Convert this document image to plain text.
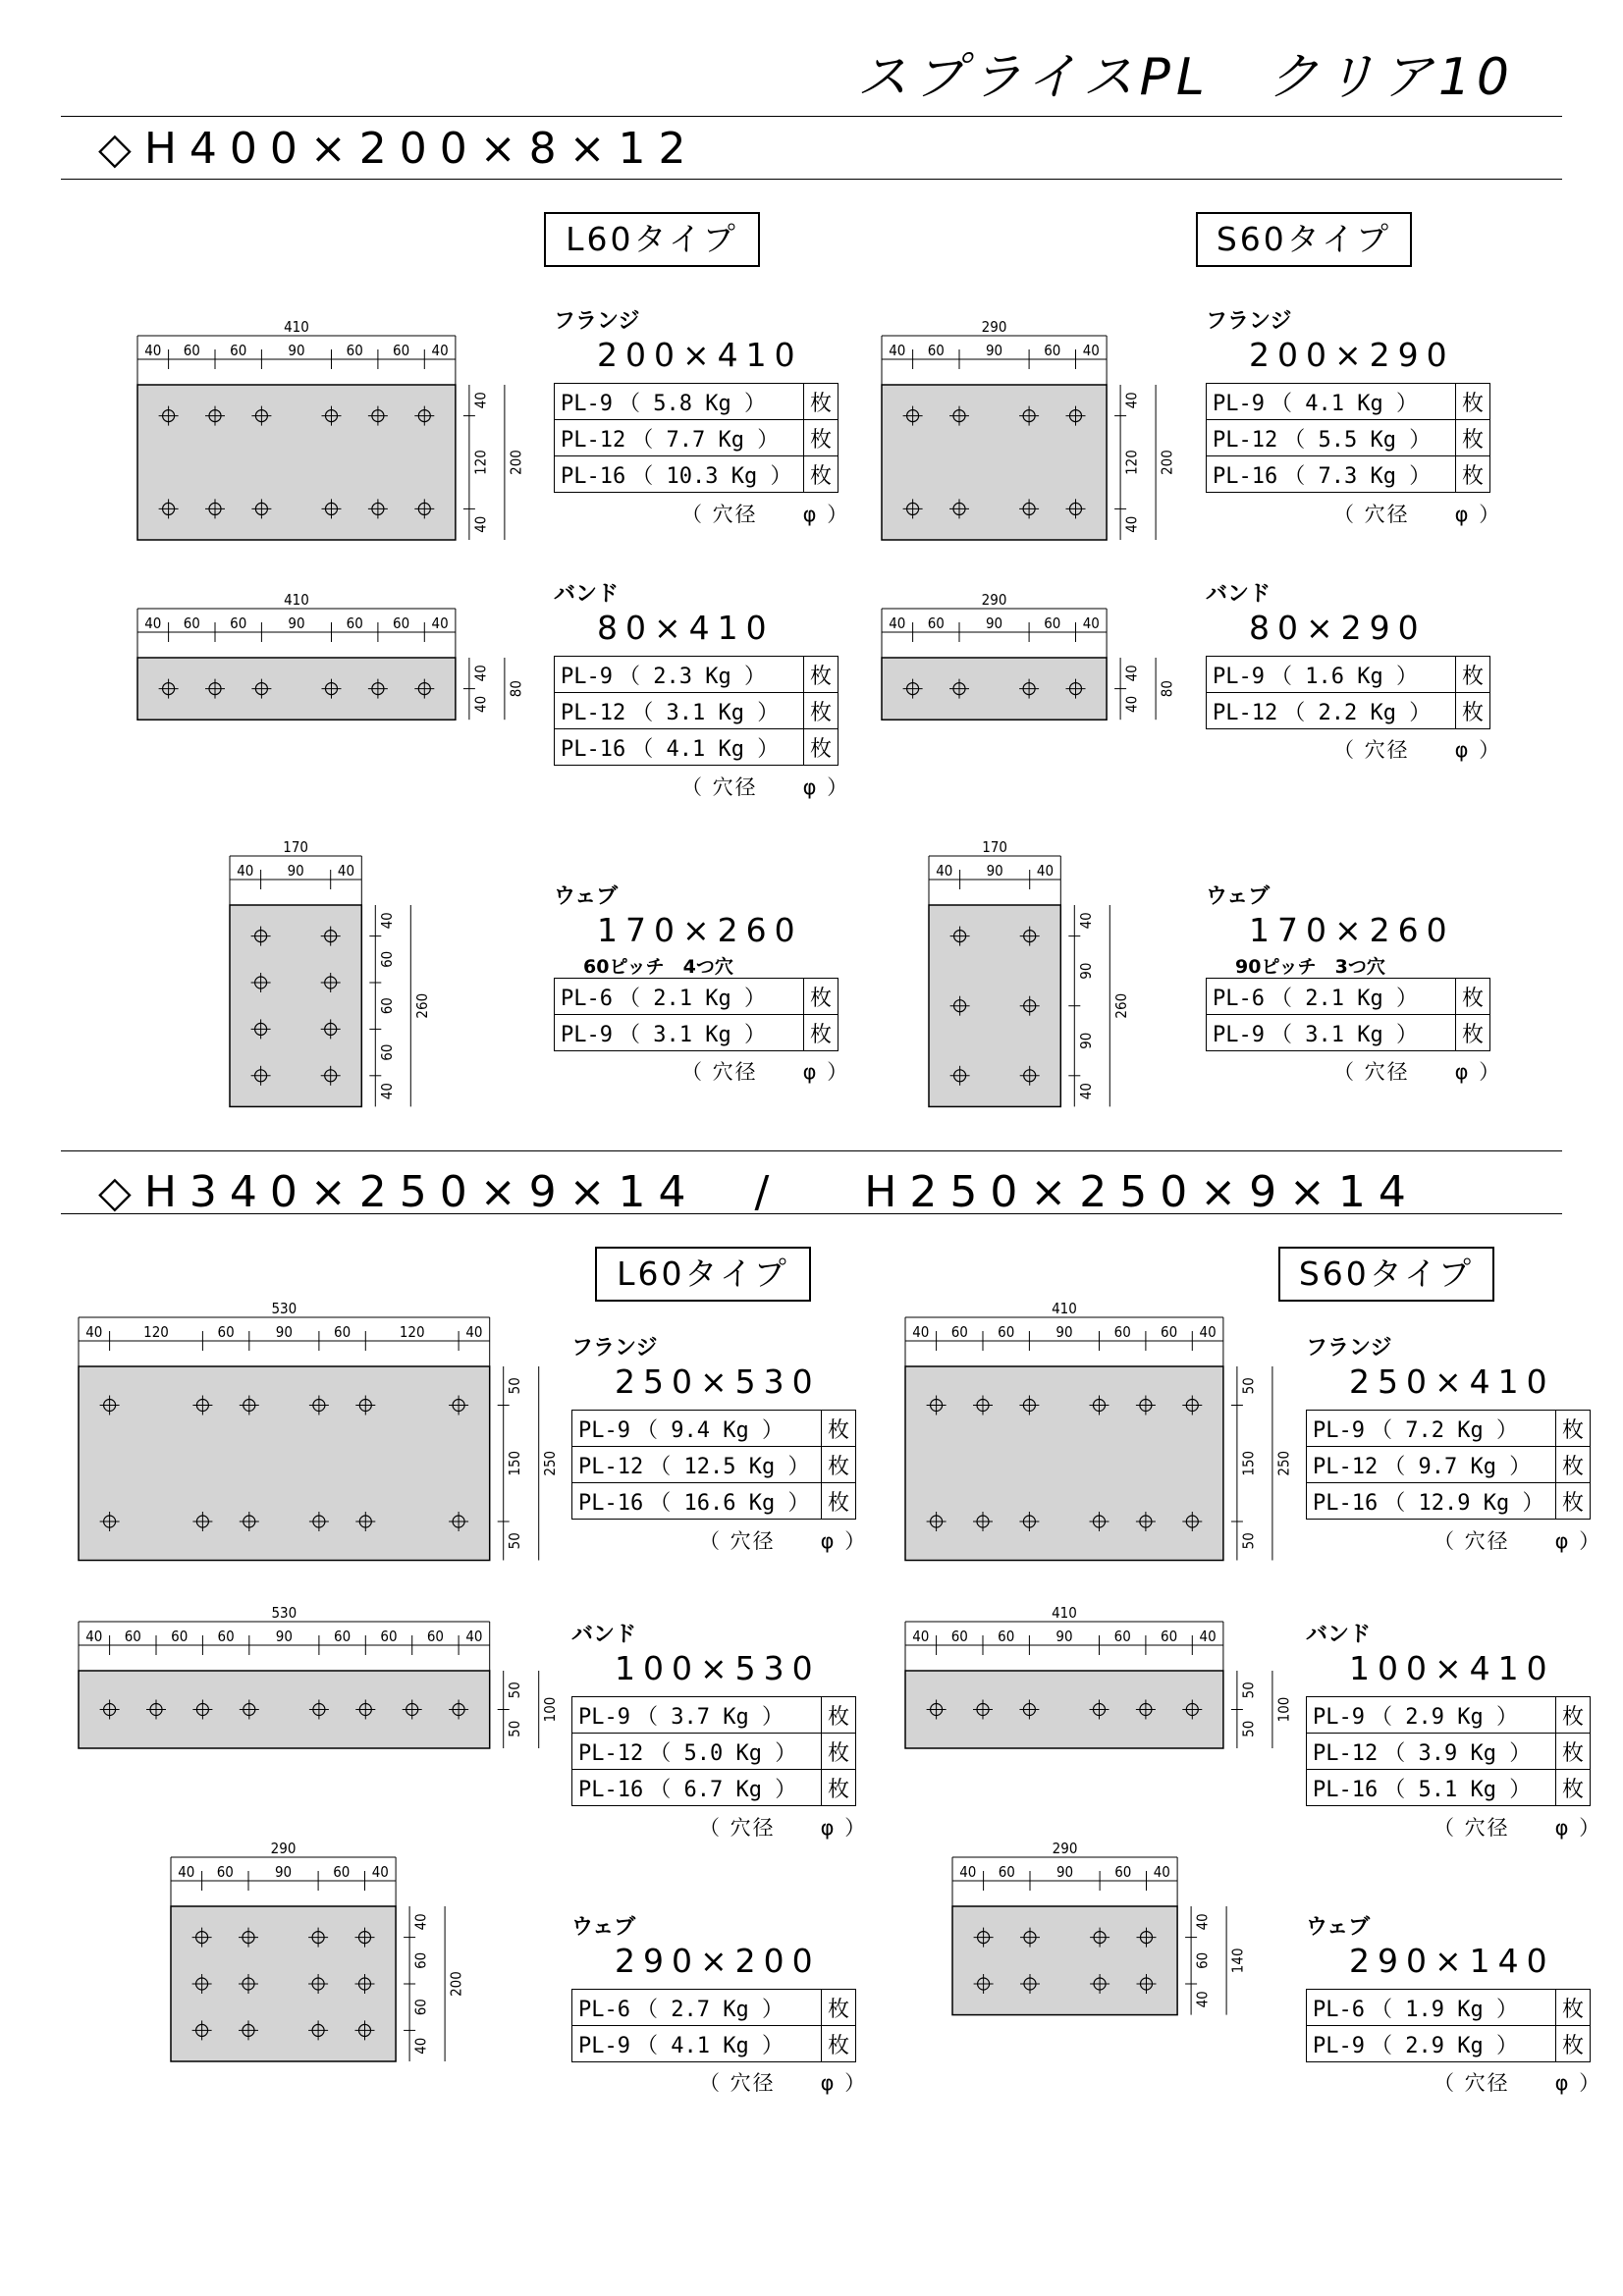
スプライスPL　クリア10
◇H400×200×8×12
L60タイプ	S60タイプ
◇H340×250×9×14　/　 H250×250×9×14
L60タイプ	S60タイプ
フランジ
200×410
PL-9 （ 5.8 Kg ）	枚
PL-12 （ 7.7 Kg ）	枚
PL-16 （ 10.3 Kg ）	枚
（ 穴径　　φ ）
410
40 60 60	90	60 60 40
40
120
40
200
フランジ
200×290
PL-9 （ 4.1 Kg ）	枚
PL-12 （ 5.5 Kg ）	枚
PL-16 （ 7.3 Kg ）	枚
（ 穴径　　φ ）
290
40 60	90	60 40
40
120
40
200
バンド
80×410
PL-9 （ 2.3 Kg ）	枚
PL-12 （ 3.1 Kg ）	枚
PL-16 （ 4.1 Kg ）	枚
（ 穴径　　φ ）
410
40 60 60	90	60 60 40
40
40
80
バンド
80×290
PL-9 （ 1.6 Kg ）	枚
PL-12 （ 2.2 Kg ）	枚
（ 穴径　　φ ）
290
40 60	90	60 40
40
40
80
ウェブ
170×260
60ピッチ　4つ穴
PL-6 （ 2.1 Kg ）	枚
PL-9 （ 3.1 Kg ）	枚
（ 穴径　　φ ）
170
40 90 40
40
60
60
60
40
260
ウェブ
170×260
90ピッチ　3つ穴
PL-6 （ 2.1 Kg ）	枚
PL-9 （ 3.1 Kg ）	枚
（ 穴径　　φ ）
170
40 90 40
40
90
90
40
260
フランジ
250×530
PL-9 （ 9.4 Kg ）	枚
PL-12 （ 12.5 Kg ）	枚
PL-16 （ 16.6 Kg ）	枚
（ 穴径　　φ ）
530
40	120	60	90	60	120	40
50
150
50
250
フランジ
250×410
PL-9 （ 7.2 Kg ）	枚
PL-12 （ 9.7 Kg ）	枚
PL-16 （ 12.9 Kg ）	枚
（ 穴径　　φ ）
410
40 60 60	90	60 60 40
50
150
50
250
バンド
100×530
PL-9 （ 3.7 Kg ）	枚
PL-12 （ 5.0 Kg ）	枚
PL-16 （ 6.7 Kg ）	枚
（ 穴径　　φ ）
530
40 60 60 60	90	60 60 60 40
50
50
100
バンド
100×410
PL-9 （ 2.9 Kg ）	枚
PL-12 （ 3.9 Kg ）	枚
PL-16 （ 5.1 Kg ）	枚
（ 穴径　　φ ）
410
40 60 60	90	60 60 40
50
50
100
ウェブ
290×200
PL-6 （ 2.7 Kg ）	枚
PL-9 （ 4.1 Kg ）	枚
（ 穴径　　φ ）
290
40 60	90	60 40
40
60
60
40
200
ウェブ
290×140
PL-6 （ 1.9 Kg ）	枚
PL-9 （ 2.9 Kg ）	枚
（ 穴径　　φ ）
290
40 60	90	60 40
40
60
40
140
